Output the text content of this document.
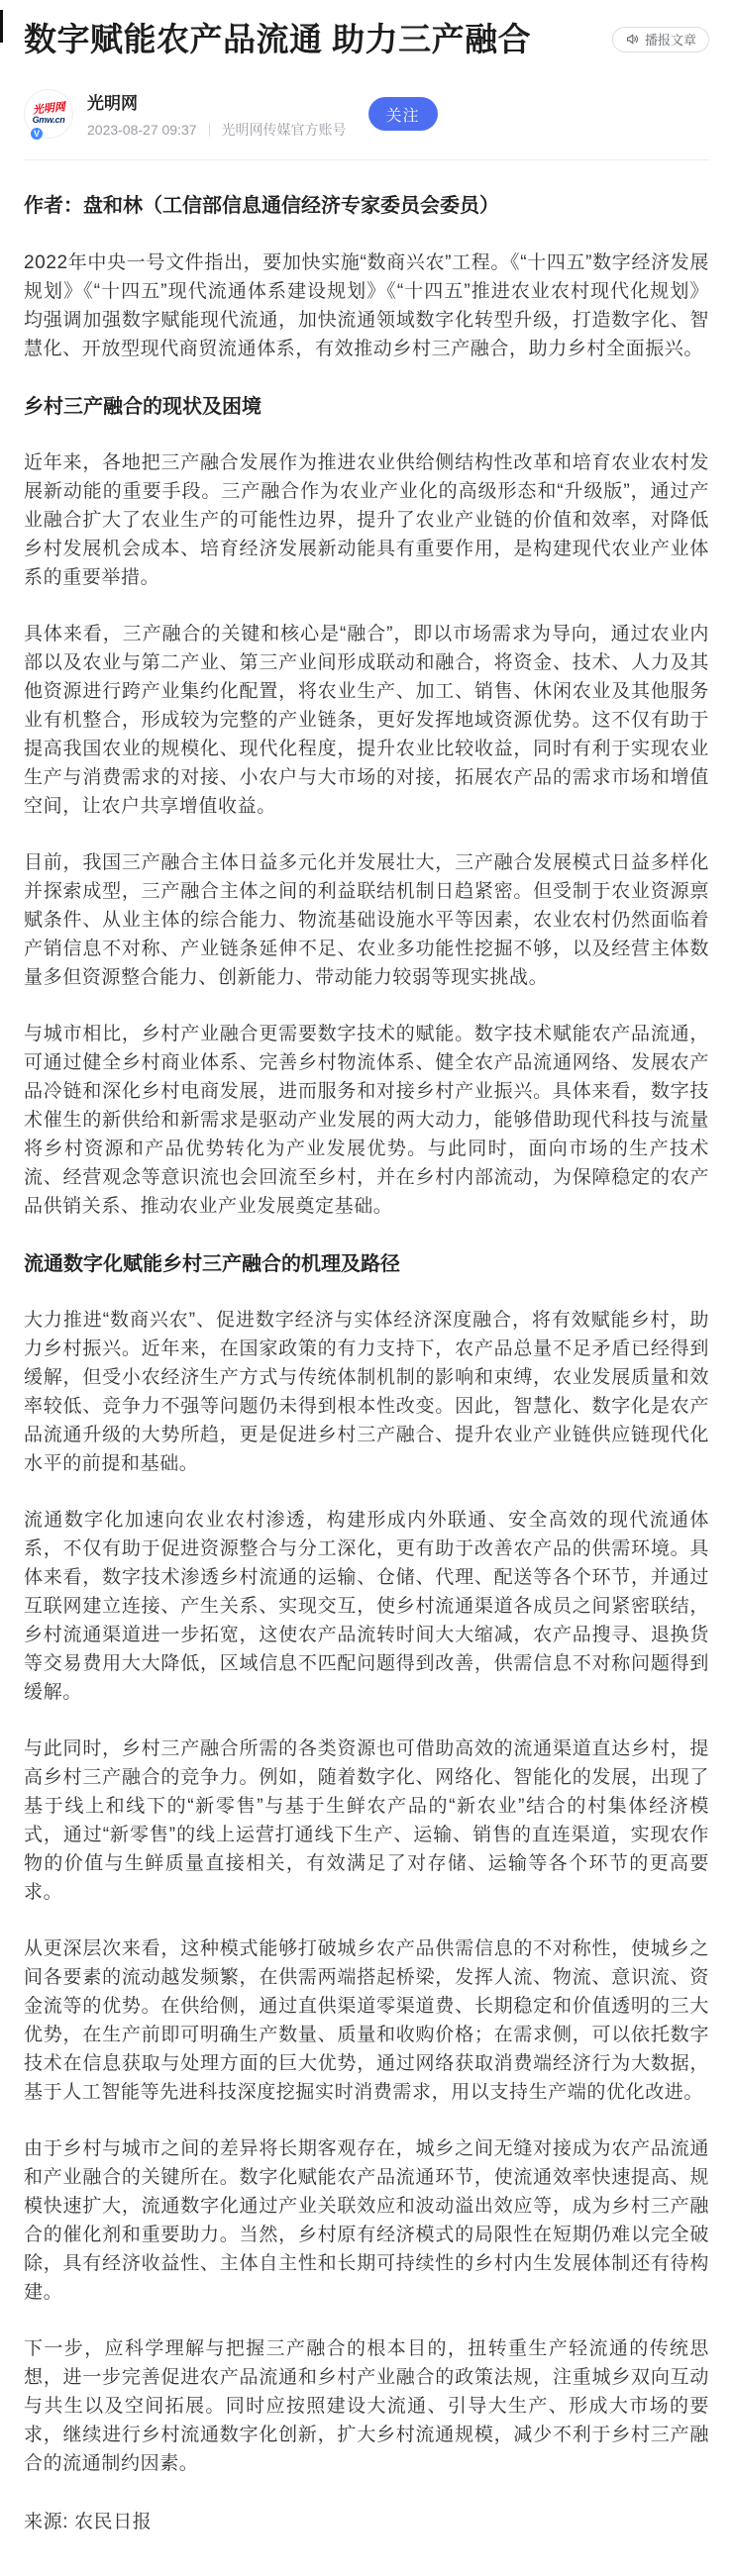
数字赋能农产品流通 助力三产融合	播报文章
光明网
Gmw.cn
V
光明网
2023-08-27 09:37 光明网传媒官方账号
关注

作者：盘和林（工信部信息通信经济专家委员会委员）

2022年中央一号文件指出，要加快实施“数商兴农”工程。《“十四五”数字经济发展规划》《“十四五”现代流通体系建设规划》《“十四五”推进农业农村现代化规划》均强调加强数字赋能现代流通，加快流通领域数字化转型升级，打造数字化、智慧化、开放型现代商贸流通体系，有效推动乡村三产融合，助力乡村全面振兴。

乡村三产融合的现状及困境

近年来，各地把三产融合发展作为推进农业供给侧结构性改革和培育农业农村发展新动能的重要手段。三产融合作为农业产业化的高级形态和“升级版”，通过产业融合扩大了农业生产的可能性边界，提升了农业产业链的价值和效率，对降低乡村发展机会成本、培育经济发展新动能具有重要作用，是构建现代农业产业体系的重要举措。

具体来看，三产融合的关键和核心是“融合”，即以市场需求为导向，通过农业内部以及农业与第二产业、第三产业间形成联动和融合，将资金、技术、人力及其他资源进行跨产业集约化配置，将农业生产、加工、销售、休闲农业及其他服务业有机整合，形成较为完整的产业链条，更好发挥地域资源优势。这不仅有助于提高我国农业的规模化、现代化程度，提升农业比较收益，同时有利于实现农业生产与消费需求的对接、小农户与大市场的对接，拓展农产品的需求市场和增值空间，让农户共享增值收益。

目前，我国三产融合主体日益多元化并发展壮大，三产融合发展模式日益多样化并探索成型，三产融合主体之间的利益联结机制日趋紧密。但受制于农业资源禀赋条件、从业主体的综合能力、物流基础设施水平等因素，农业农村仍然面临着产销信息不对称、产业链条延伸不足、农业多功能性挖掘不够，以及经营主体数量多但资源整合能力、创新能力、带动能力较弱等现实挑战。

与城市相比，乡村产业融合更需要数字技术的赋能。数字技术赋能农产品流通，可通过健全乡村商业体系、完善乡村物流体系、健全农产品流通网络、发展农产品冷链和深化乡村电商发展，进而服务和对接乡村产业振兴。具体来看，数字技术催生的新供给和新需求是驱动产业发展的两大动力，能够借助现代科技与流量将乡村资源和产品优势转化为产业发展优势。与此同时，面向市场的生产技术流、经营观念等意识流也会回流至乡村，并在乡村内部流动，为保障稳定的农产品供销关系、推动农业产业发展奠定基础。

流通数字化赋能乡村三产融合的机理及路径

大力推进“数商兴农”、促进数字经济与实体经济深度融合，将有效赋能乡村，助力乡村振兴。近年来，在国家政策的有力支持下，农产品总量不足矛盾已经得到缓解，但受小农经济生产方式与传统体制机制的影响和束缚，农业发展质量和效率较低、竞争力不强等问题仍未得到根本性改变。因此，智慧化、数字化是农产品流通升级的大势所趋，更是促进乡村三产融合、提升农业产业链供应链现代化水平的前提和基础。

流通数字化加速向农业农村渗透，构建形成内外联通、安全高效的现代流通体系，不仅有助于促进资源整合与分工深化，更有助于改善农产品的供需环境。具体来看，数字技术渗透乡村流通的运输、仓储、代理、配送等各个环节，并通过互联网建立连接、产生关系、实现交互，使乡村流通渠道各成员之间紧密联结，乡村流通渠道进一步拓宽，这使农产品流转时间大大缩减，农产品搜寻、退换货等交易费用大大降低，区域信息不匹配问题得到改善，供需信息不对称问题得到缓解。

与此同时，乡村三产融合所需的各类资源也可借助高效的流通渠道直达乡村，提高乡村三产融合的竞争力。例如，随着数字化、网络化、智能化的发展，出现了基于线上和线下的“新零售”与基于生鲜农产品的“新农业”结合的村集体经济模式，通过“新零售”的线上运营打通线下生产、运输、销售的直连渠道，实现农作物的价值与生鲜质量直接相关，有效满足了对存储、运输等各个环节的更高要求。

从更深层次来看，这种模式能够打破城乡农产品供需信息的不对称性，使城乡之间各要素的流动越发频繁，在供需两端搭起桥梁，发挥人流、物流、意识流、资金流等的优势。在供给侧，通过直供渠道零渠道费、长期稳定和价值透明的三大优势，在生产前即可明确生产数量、质量和收购价格；在需求侧，可以依托数字技术在信息获取与处理方面的巨大优势，通过网络获取消费端经济行为大数据，基于人工智能等先进科技深度挖掘实时消费需求，用以支持生产端的优化改进。

由于乡村与城市之间的差异将长期客观存在，城乡之间无缝对接成为农产品流通和产业融合的关键所在。数字化赋能农产品流通环节，使流通效率快速提高、规模快速扩大，流通数字化通过产业关联效应和波动溢出效应等，成为乡村三产融合的催化剂和重要助力。当然，乡村原有经济模式的局限性在短期仍难以完全破除，具有经济收益性、主体自主性和长期可持续性的乡村内生发展体制还有待构建。

下一步，应科学理解与把握三产融合的根本目的，扭转重生产轻流通的传统思想，进一步完善促进农产品流通和乡村产业融合的政策法规，注重城乡双向互动与共生以及空间拓展。同时应按照建设大流通、引导大生产、形成大市场的要求，继续进行乡村流通数字化创新，扩大乡村流通规模，减少不利于乡村三产融合的流通制约因素。

来源: 农民日报
